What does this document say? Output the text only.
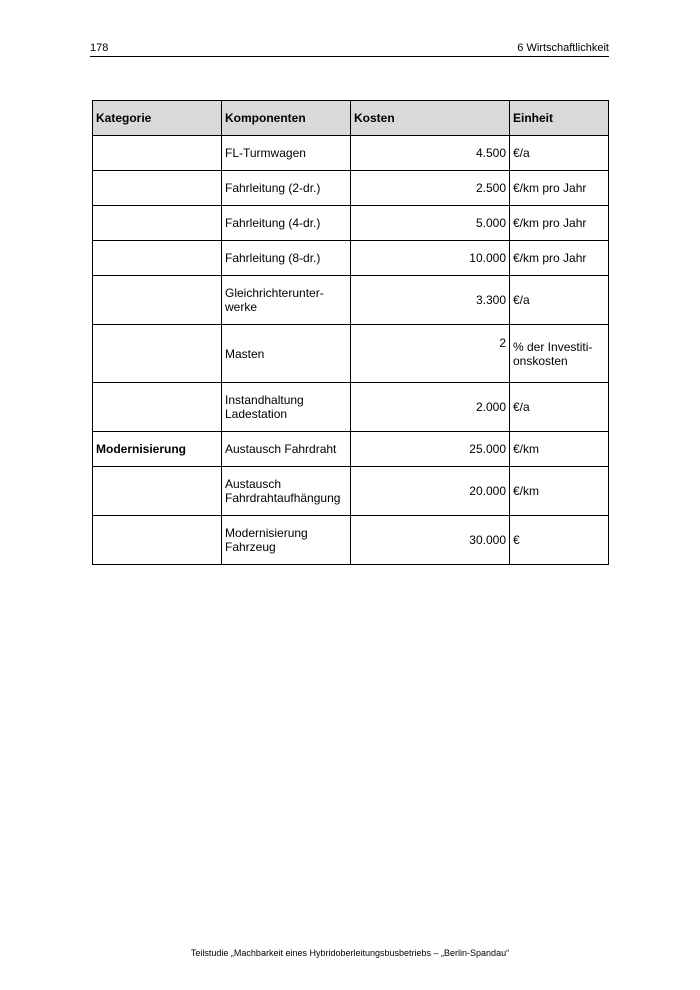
178	6 Wirtschaftlichkeit
Kategorie	Komponenten	Kosten	Einheit
	FL-Turmwagen	4.500	€/a
	Fahrleitung (2-dr.)	2.500	€/km pro Jahr
	Fahrleitung (4-dr.)	5.000	€/km pro Jahr
	Fahrleitung (8-dr.)	10.000	€/km pro Jahr
	Gleichrichterunter-werke	3.300	€/a
	Masten	2	% der Investiti-onskosten
	Instandhaltung Ladestation	2.000	€/a
Modernisierung	Austausch Fahrdraht	25.000	€/km
	Austausch Fahrdrahtaufhängung	20.000	€/km
	Modernisierung Fahrzeug	30.000	€
Teilstudie „Machbarkeit eines Hybridoberleitungsbusbetriebs – „Berlin-Spandau“
